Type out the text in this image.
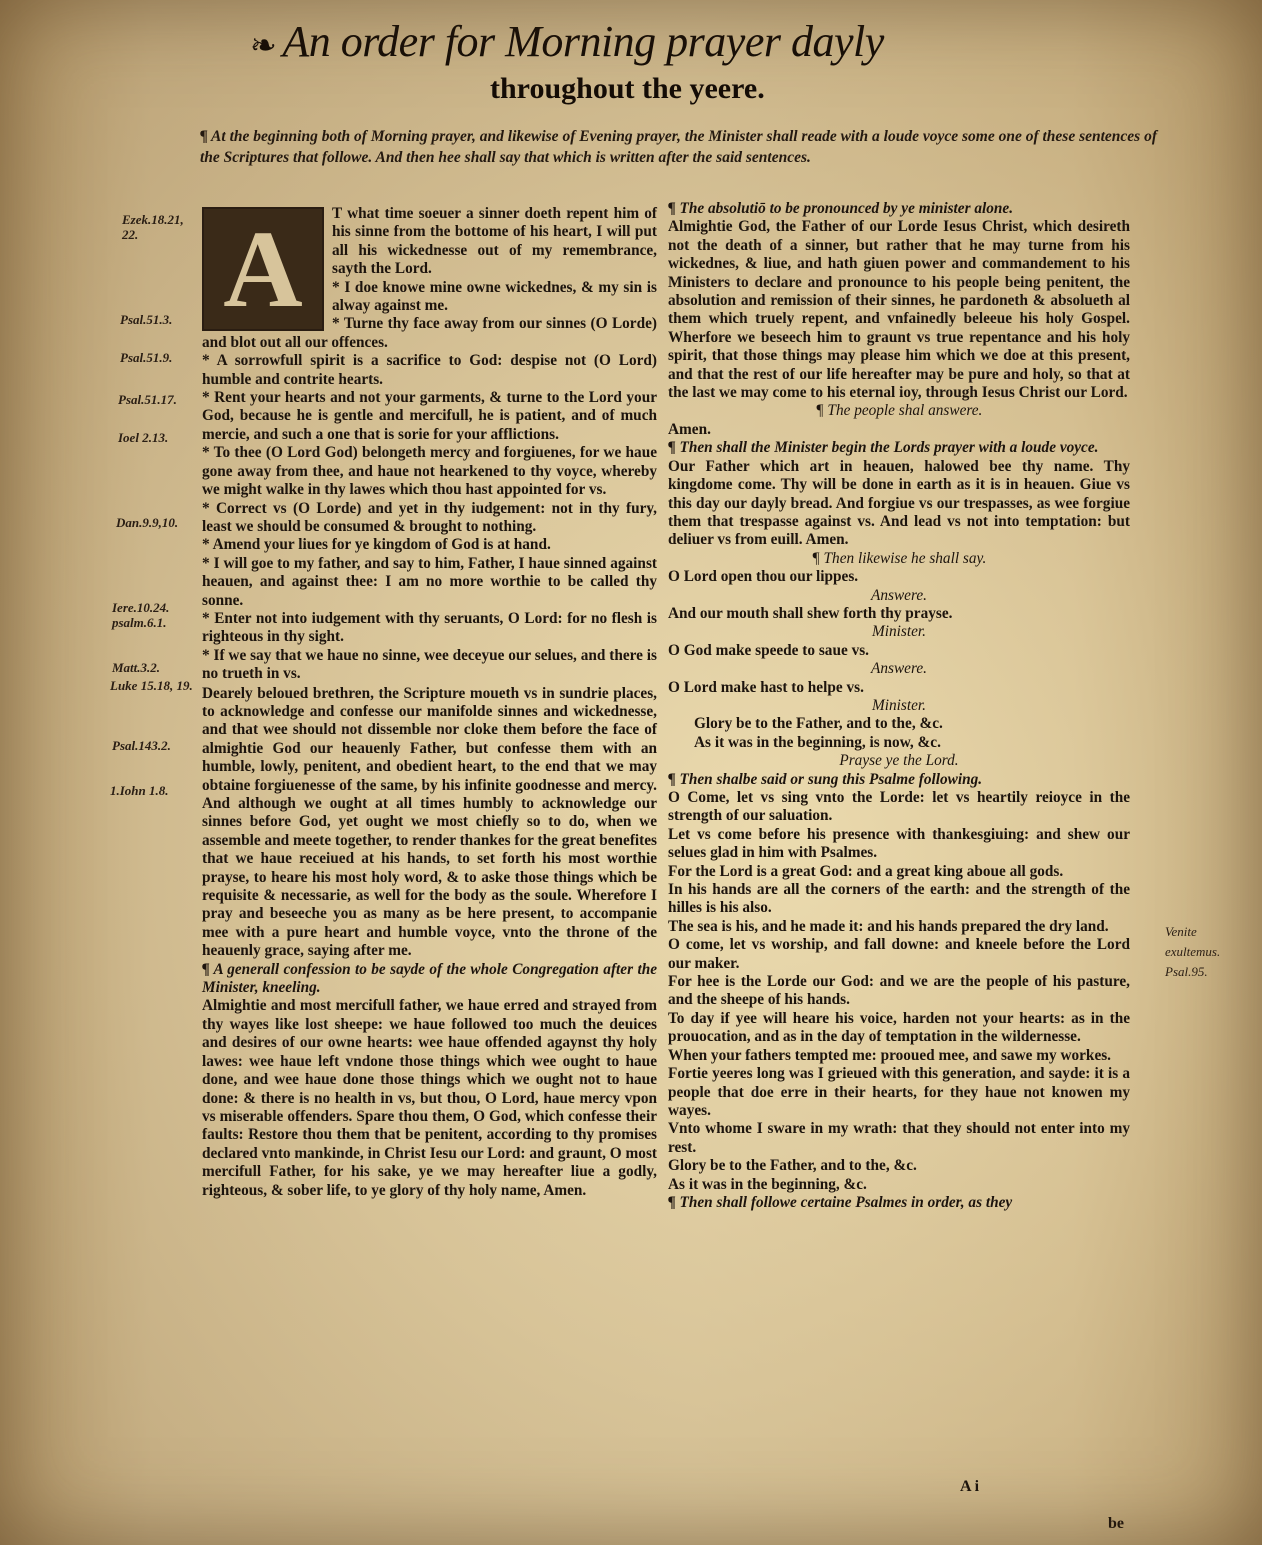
❧ An order for Morning prayer dayly
throughout the yeere.
¶ At the beginning both of Morning prayer, and likewise of Evening prayer, the Minister shall reade with a loude voyce some one of these sentences of the Scriptures that followe. And then hee shall say that which is written after the said sentences.
Ezek.18.21, 22.
Psal.51.3.
Psal.51.9.
Psal.51.17.
Ioel 2.13.
Dan.9.9,10.
Iere.10.24. psalm.6.1.
Matt.3.2.
Luke 15.18, 19.
Psal.143.2.
1.Iohn 1.8.
A	T what time soeuer a sinner doeth repent him of his sinne from the bottome of his heart, I will put all his wickednesse out of my remembrance, sayth the Lord.

* I doe knowe mine owne wickednes, & my sin is alway against me.

* Turne thy face away from our sinnes (O Lorde) and blot out all our offences.

* A sorrowfull spirit is a sacrifice to God: despise not (O Lord) humble and contrite hearts.

* Rent your hearts and not your garments, & turne to the Lord your God, because he is gentle and mercifull, he is patient, and of much mercie, and such a one that is sorie for your afflictions.

* To thee (O Lord God) belongeth mercy and forgiuenes, for we haue gone away from thee, and haue not hearkened to thy voyce, whereby we might walke in thy lawes which thou hast appointed for vs.

* Correct vs (O Lorde) and yet in thy iudgement: not in thy fury, least we should be consumed & brought to nothing.

* Amend your liues for ye kingdom of God is at hand.

* I will goe to my father, and say to him, Father, I haue sinned against heauen, and against thee: I am no more worthie to be called thy sonne.

* Enter not into iudgement with thy seruants, O Lord: for no flesh is righteous in thy sight.

* If we say that we haue no sinne, wee deceyue our selues, and there is no trueth in vs.

Dearely beloued brethren, the Scripture moueth vs in sundrie places, to acknowledge and confesse our manifolde sinnes and wickednesse, and that wee should not dissemble nor cloke them before the face of almightie God our heauenly Father, but confesse them with an humble, lowly, penitent, and obedient heart, to the end that we may obtaine forgiuenesse of the same, by his infinite goodnesse and mercy. And although we ought at all times humbly to acknowledge our sinnes before God, yet ought we most chiefly so to do, when we assemble and meete together, to render thankes for the great benefites that we haue receiued at his hands, to set forth his most worthie prayse, to heare his most holy word, & to aske those things which be requisite & necessarie, as well for the body as the soule. Wherefore I pray and beseeche you as many as be here present, to accompanie mee with a pure heart and humble voyce, vnto the throne of the heauenly grace, saying after me.

¶ A generall confession to be sayde of the whole Congregation after the Minister, kneeling.

Almightie and most mercifull father, we haue erred and strayed from thy wayes like lost sheepe: we haue followed too much the deuices and desires of our owne hearts: wee haue offended agaynst thy holy lawes: wee haue left vndone those things which wee ought to haue done, and wee haue done those things which we ought not to haue done: & there is no health in vs, but thou, O Lord, haue mercy vpon vs miserable offenders. Spare thou them, O God, which confesse their faults: Restore thou them that be penitent, according to thy promises declared vnto mankinde, in Christ Iesu our Lord: and graunt, O most mercifull Father, for his sake, ye we may hereafter liue a godly, righteous, & sober life, to ye glory of thy holy name, Amen.

¶ The absolutiō to be pronounced by ye minister alone.

Almightie God, the Father of our Lorde Iesus Christ, which desireth not the death of a sinner, but rather that he may turne from his wickednes, & liue, and hath giuen power and commandement to his Ministers to declare and pronounce to his people being penitent, the absolution and remission of their sinnes, he pardoneth & absolueth al them which truely repent, and vnfainedly beleeue his holy Gospel. Wherfore we beseech him to graunt vs true repentance and his holy spirit, that those things may please him which we doe at this present, and that the rest of our life hereafter may be pure and holy, so that at the last we may come to his eternal ioy, through Iesus Christ our Lord.

¶ The people shal answere.

Amen.

¶ Then shall the Minister begin the Lords prayer with a loude voyce.

Our Father which art in heauen, halowed bee thy name. Thy kingdome come. Thy will be done in earth as it is in heauen. Giue vs this day our dayly bread. And forgiue vs our trespasses, as wee forgiue them that trespasse against vs. And lead vs not into temptation: but deliuer vs from euill. Amen.

¶ Then likewise he shall say.

O Lord open thou our lippes.

Answere.

And our mouth shall shew forth thy prayse.

Minister.

O God make speede to saue vs.

Answere.

O Lord make hast to helpe vs.

Minister.

Glory be to the Father, and to the, &c.

As it was in the beginning, is now, &c.

Prayse ye the Lord.

¶ Then shalbe said or sung this Psalme following.

O Come, let vs sing vnto the Lorde: let vs heartily reioyce in the strength of our saluation.

Let vs come before his presence with thankesgiuing: and shew our selues glad in him with Psalmes.

For the Lord is a great God: and a great king aboue all gods.

In his hands are all the corners of the earth: and the strength of the hilles is his also.

The sea is his, and he made it: and his hands prepared the dry land.

O come, let vs worship, and fall downe: and kneele before the Lord our maker.

For hee is the Lorde our God: and we are the people of his pasture, and the sheepe of his hands.

To day if yee will heare his voice, harden not your hearts: as in the prouocation, and as in the day of temptation in the wildernesse.

When your fathers tempted me: prooued mee, and sawe my workes.

Fortie yeeres long was I grieued with this generation, and sayde: it is a people that doe erre in their hearts, for they haue not knowen my wayes.

Vnto whome I sware in my wrath: that they should not enter into my rest.

Glory be to the Father, and to the, &c.

As it was in the beginning, &c.

¶ Then shall followe certaine Psalmes in order, as they

Venite exultemus. Psal.95.
A i
be
